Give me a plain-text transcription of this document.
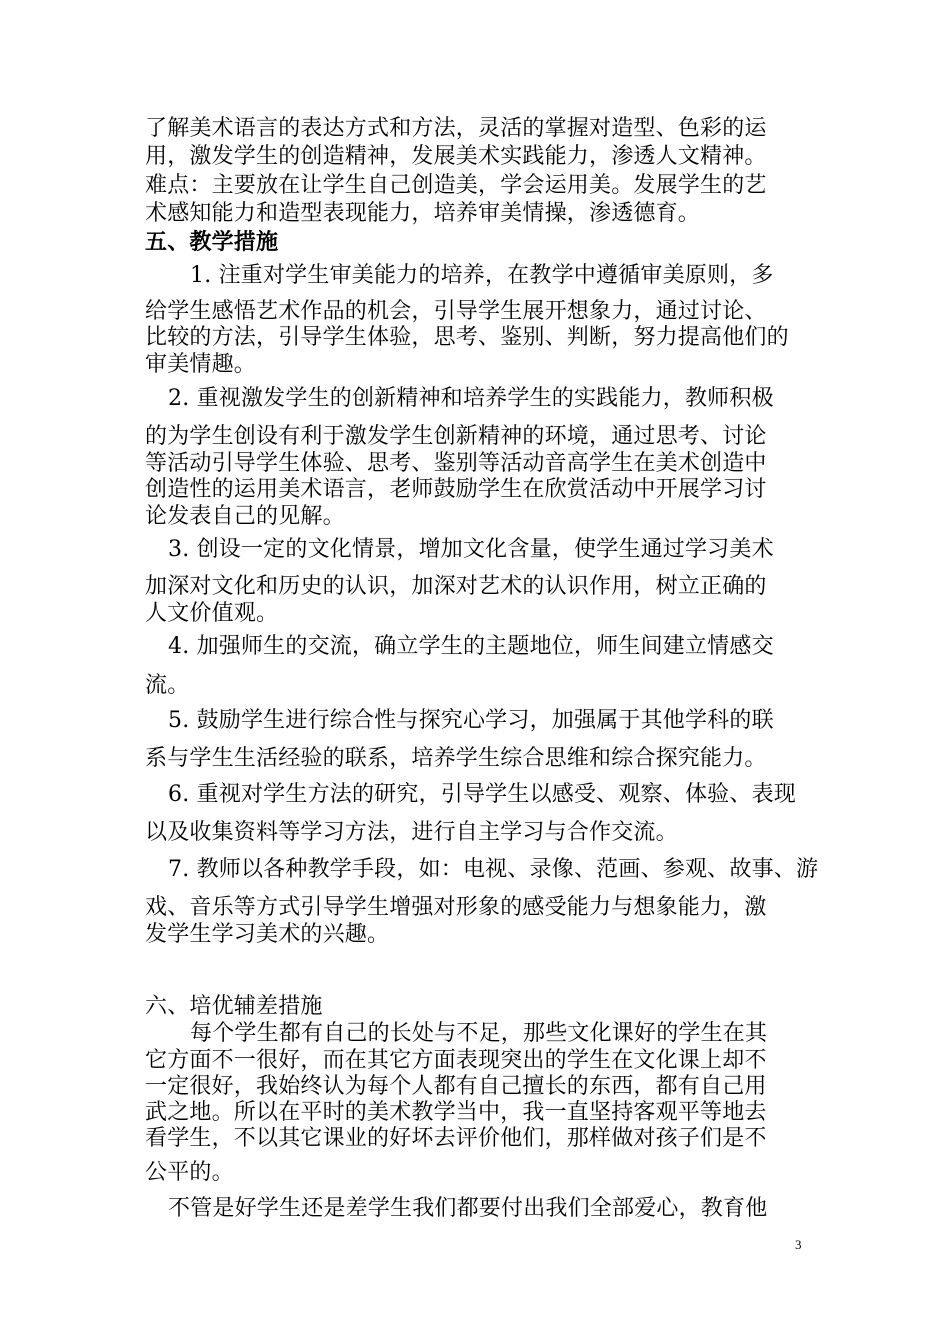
了解美术语言的表达方式和方法，灵活的掌握对造型、色彩的运
用，激发学生的创造精神，发展美术实践能力，渗透人文精神。
难点：主要放在让学生自己创造美，学会运用美。发展学生的艺
术感知能力和造型表现能力，培养审美情操，渗透德育。
五、教学措施
1. 注重对学生审美能力的培养，在教学中遵循审美原则，多
给学生感悟艺术作品的机会，引导学生展开想象力，通过讨论、
比较的方法，引导学生体验，思考、鉴别、判断，努力提高他们的
审美情趣。
2. 重视激发学生的创新精神和培养学生的实践能力，教师积极
的为学生创设有利于激发学生创新精神的环境，通过思考、讨论
等活动引导学生体验、思考、鉴别等活动音高学生在美术创造中
创造性的运用美术语言，老师鼓励学生在欣赏活动中开展学习讨
论发表自己的见解。
3. 创设一定的文化情景，增加文化含量，使学生通过学习美术
加深对文化和历史的认识，加深对艺术的认识作用，树立正确的
人文价值观。
4. 加强师生的交流，确立学生的主题地位，师生间建立情感交
流。
5. 鼓励学生进行综合性与探究心学习，加强属于其他学科的联
系与学生生活经验的联系，培养学生综合思维和综合探究能力。
6. 重视对学生方法的研究，引导学生以感受、观察、体验、表现
以及收集资料等学习方法，进行自主学习与合作交流。
7. 教师以各种教学手段，如：电视、录像、范画、参观、故事、游
戏、音乐等方式引导学生增强对形象的感受能力与想象能力，激
发学生学习美术的兴趣。
六、培优辅差措施
每个学生都有自己的长处与不足，那些文化课好的学生在其
它方面不一很好，而在其它方面表现突出的学生在文化课上却不
一定很好，我始终认为每个人都有自己擅长的东西，都有自己用
武之地。所以在平时的美术教学当中，我一直坚持客观平等地去
看学生，不以其它课业的好坏去评价他们，那样做对孩子们是不
公平的。
不管是好学生还是差学生我们都要付出我们全部爱心，教育他
3
